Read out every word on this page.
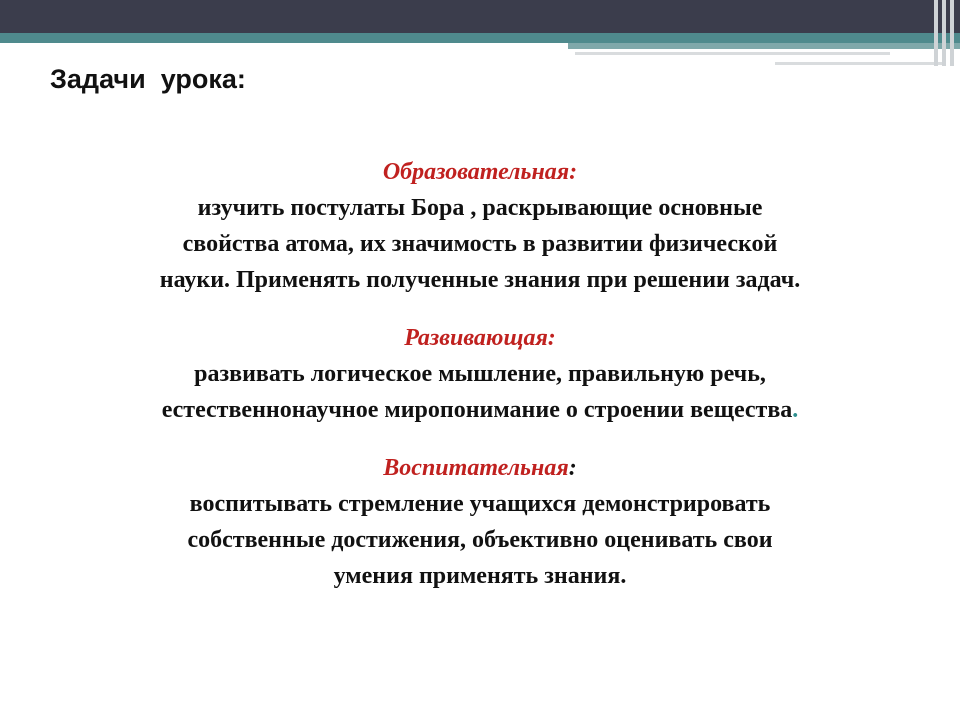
Задачи  урока:
Образовательная:
изучить постулаты Бора , раскрывающие основные
свойства атома, их значимость в развитии физической
науки. Применять полученные знания при решении задач.
Развивающая:
развивать логическое мышление, правильную речь,
естественнонаучное миропонимание о строении вещества.
Воспитательная:
воспитывать стремление учащихся демонстрировать
собственные достижения, объективно оценивать свои
умения применять знания.
